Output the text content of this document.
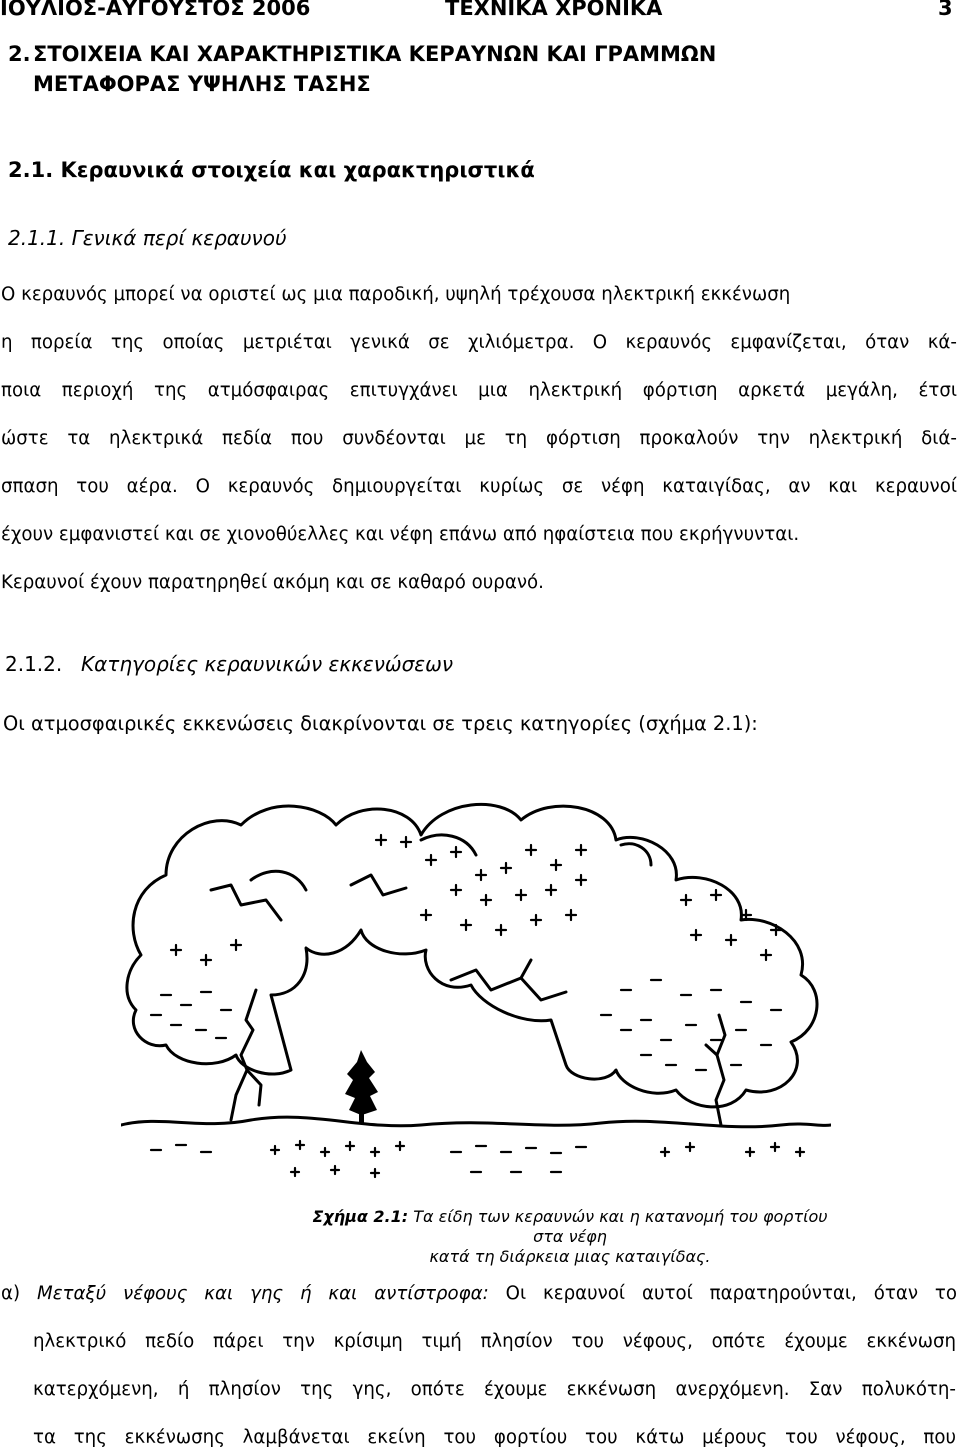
ΙΟΥΛΙΟΣ-ΑΥΓΟΥΣΤΟΣ 2006	ΤΕΧΝΙΚΑ ΧΡΟΝΙΚΑ	3
2. ΣΤΟΙΧΕΙΑ ΚΑΙ ΧΑΡΑΚΤΗΡΙΣΤΙΚΑ ΚΕΡΑΥΝΩΝ ΚΑΙ ΓΡΑΜΜΩΝ
ΜΕΤΑΦΟΡΑΣ ΥΨΗΛΗΣ ΤΑΣΗΣ
2.1. Κεραυνικά στοιχεία και χαρακτηριστικά
2.1.1. Γενικά περί κεραυνού
Ο κεραυνός μπορεί να οριστεί ως μια παροδική, υψηλή τρέχουσα ηλεκτρική εκκένωση
η πορεία της οποίας μετριέται γενικά σε χιλιόμετρα. Ο κεραυνός εμφανίζεται, όταν κά-
ποια περιοχή της ατμόσφαιρας επιτυγχάνει μια ηλεκτρική φόρτιση αρκετά μεγάλη, έτσι
ώστε τα ηλεκτρικά πεδία που συνδέονται με τη φόρτιση προκαλούν την ηλεκτρική διά-
σπαση του αέρα. Ο κεραυνός δημιουργείται κυρίως σε νέφη καταιγίδας, αν και κεραυνοί
έχουν εμφανιστεί και σε χιονοθύελλες και νέφη επάνω από ηφαίστεια που εκρήγνυνται.
Κεραυνοί έχουν παρατηρηθεί ακόμη και σε καθαρό ουρανό.
2.1.2. Κατηγορίες κεραυνικών εκκενώσεων
Οι ατμοσφαιρικές εκκενώσεις διακρίνονται σε τρεις κατηγορίες (σχήμα 2.1):
Σχήμα 2.1: Τα είδη των κεραυνών και η κατανομή του φορτίου στα νέφη
κατά τη διάρκεια μιας καταιγίδας.
α) Μεταξύ νέφους και γης ή και αντίστροφα: Οι κεραυνοί αυτοί παρατηρούνται, όταν το
ηλεκτρικό πεδίο πάρει την κρίσιμη τιμή πλησίον του νέφους, οπότε έχουμε εκκένωση
κατερχόμενη, ή πλησίον της γης, οπότε έχουμε εκκένωση ανερχόμενη. Σαν πολυκότη-
τα της εκκένωσης λαμβάνεται εκείνη του φορτίου του κάτω μέρους του νέφους, που
